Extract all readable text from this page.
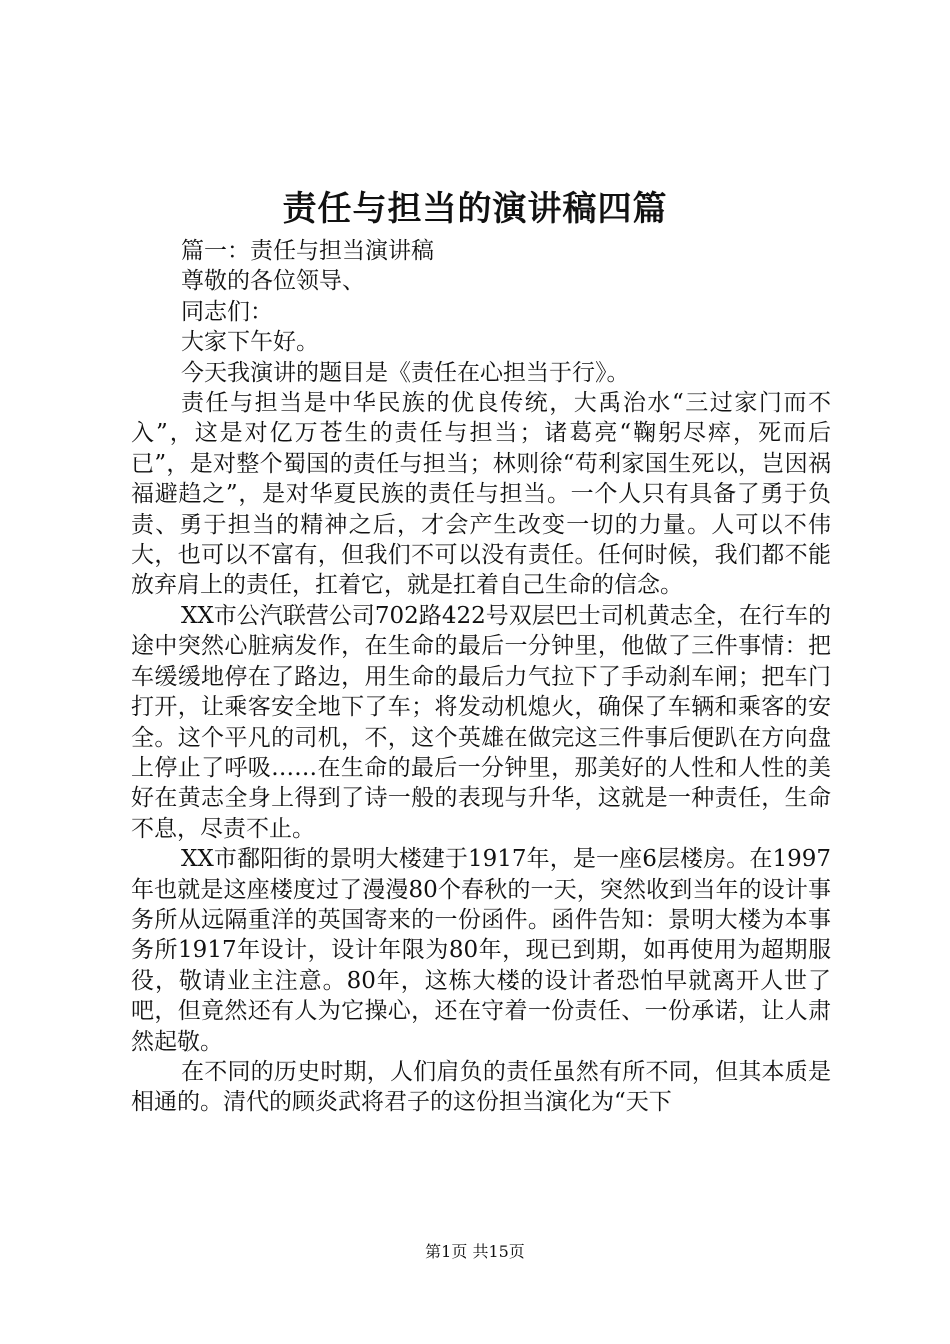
责任与担当的演讲稿四篇

篇一：责任与担当演讲稿

尊敬的各位领导、

同志们：

大家下午好。

今天我演讲的题目是《责任在心担当于行》。

责任与担当是中华民族的优良传统，大禹治水“三过家门而不入”，这是对亿万苍生的责任与担当；诸葛亮“鞠躬尽瘁，死而后已”，是对整个蜀国的责任与担当；林则徐“苟利家国生死以，岂因祸福避趋之”，是对华夏民族的责任与担当。一个人只有具备了勇于负责、勇于担当的精神之后，才会产生改变一切的力量。人可以不伟大，也可以不富有，但我们不可以没有责任。任何时候，我们都不能放弃肩上的责任，扛着它，就是扛着自己生命的信念。

XX市公汽联营公司702路422号双层巴士司机黄志全，在行车的途中突然心脏病发作，在生命的最后一分钟里，他做了三件事情：把车缓缓地停在了路边，用生命的最后力气拉下了手动刹车闸；把车门打开，让乘客安全地下了车；将发动机熄火，确保了车辆和乘客的安全。这个平凡的司机，不，这个英雄在做完这三件事后便趴在方向盘上停止了呼吸……在生命的最后一分钟里，那美好的人性和人性的美好在黄志全身上得到了诗一般的表现与升华，这就是一种责任，生命不息，尽责不止。

XX市鄱阳街的景明大楼建于1917年，是一座6层楼房。在1997年也就是这座楼度过了漫漫80个春秋的一天，突然收到当年的设计事务所从远隔重洋的英国寄来的一份函件。函件告知：景明大楼为本事务所1917年设计，设计年限为80年，现已到期，如再使用为超期服役，敬请业主注意。80年，这栋大楼的设计者恐怕早就离开人世了吧，但竟然还有人为它操心，还在守着一份责任、一份承诺，让人肃然起敬。

在不同的历史时期，人们肩负的责任虽然有所不同，但其本质是相通的。清代的顾炎武将君子的这份担当演化为“天下

第1页 共15页
